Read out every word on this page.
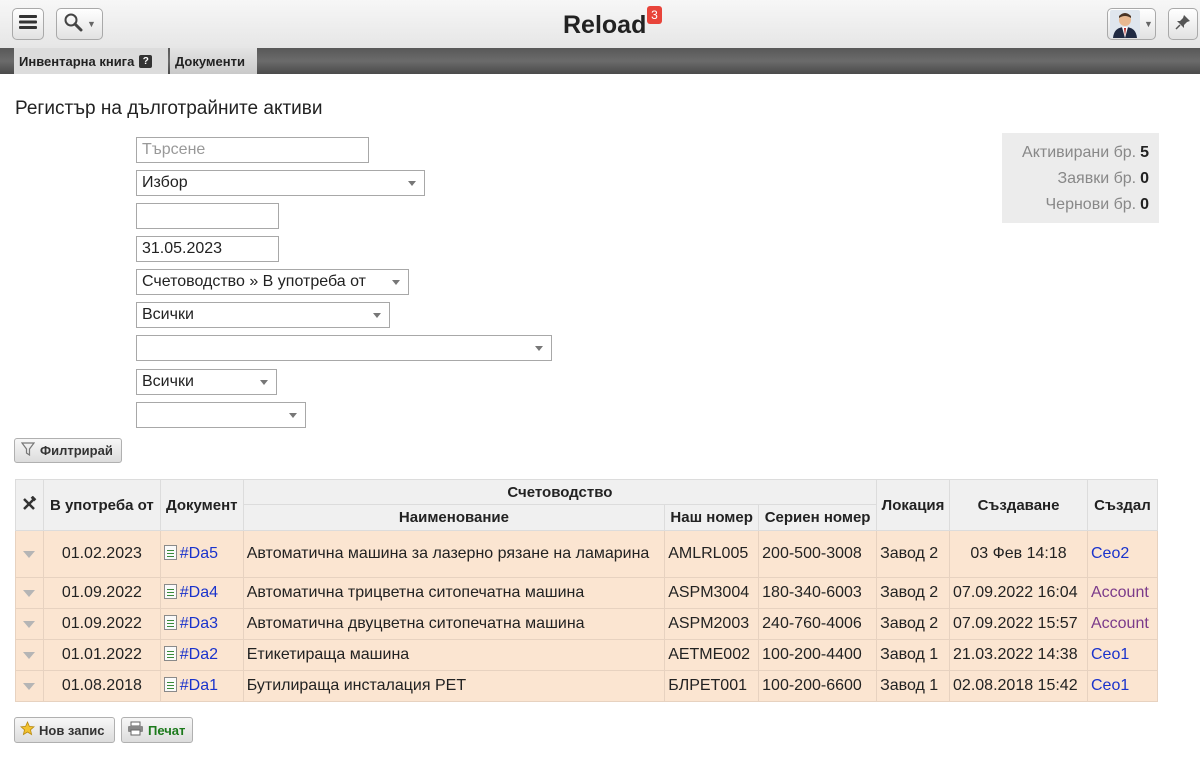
▼	Reload 3
▼
Инвентарна книга ? Документи
Регистър на дълготрайните активи
Търсене
Избор
31.05.2023
Счетоводство » В употреба от
Всички
Всички
Филтрирай
Активирани бр. 5
Заявки бр. 0
Чернови бр. 0
	В употреба от	Документ	Счетоводство			Локация	Създаване	Създал
			Наименование	Наш номер	Сериен номер			
	01.02.2023	#Da5	Автоматична машина за лазерно рязане на ламарина	AMLRL005	200-500-3008	Завод 2	03 Фев 14:18	Ceo2
	01.09.2022	#Da4	Автоматична трицветна ситопечатна машина	ASPM3004	180-340-6003	Завод 2	07.09.2022 16:04	Account
	01.09.2022	#Da3	Автоматична двуцветна ситопечатна машина	ASPM2003	240-760-4006	Завод 2	07.09.2022 15:57	Account
	01.01.2022	#Da2	Етикетираща машина	AETME002	100-200-4400	Завод 1	21.03.2022 14:38	Ceo1
	01.08.2018	#Da1	Бутилираща инсталация PET	БЛPET001	100-200-6600	Завод 1	02.08.2018 15:42	Ceo1
Нов запис	Печат
